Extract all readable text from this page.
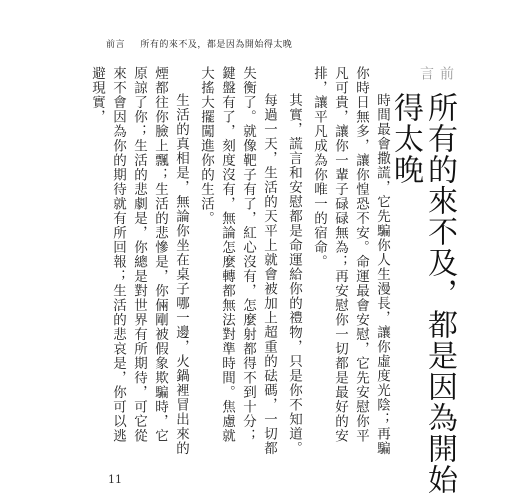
前言 所有的來不及，都是因為開始得太晚
前言
所有的來不及，都是因為開始得太晚

時間最會撒謊，它先騙你人生漫長，讓你虛度光陰；再騙你時日無多，讓你惶恐不安。命運最會安慰，它先安慰你平凡可貴，讓你一輩子碌碌無為；再安慰你一切都是最好的安排，讓平凡成為你唯一的宿命。

其實，謊言和安慰都是命運給你的禮物，只是你不知道。

每過一天，生活的天平上就會被加上超重的砝碼，一切都失衡了。就像靶子有了，紅心沒有，怎麼射都得不到十分；鍵盤有了，刻度沒有，無論怎麼轉都無法對準時間。焦慮就大搖大擺闖進你的生活。

生活的真相是，無論你坐在桌子哪一邊，火鍋裡冒出來的煙都往你臉上飄；生活的悲慘是，你倆剛被假象欺騙時，它原諒了你；生活的悲劇是，你總是對世界有所期待，可它從來不會因為你的期待就有所回報；生活的悲哀是，你可以逃避現實，

11
